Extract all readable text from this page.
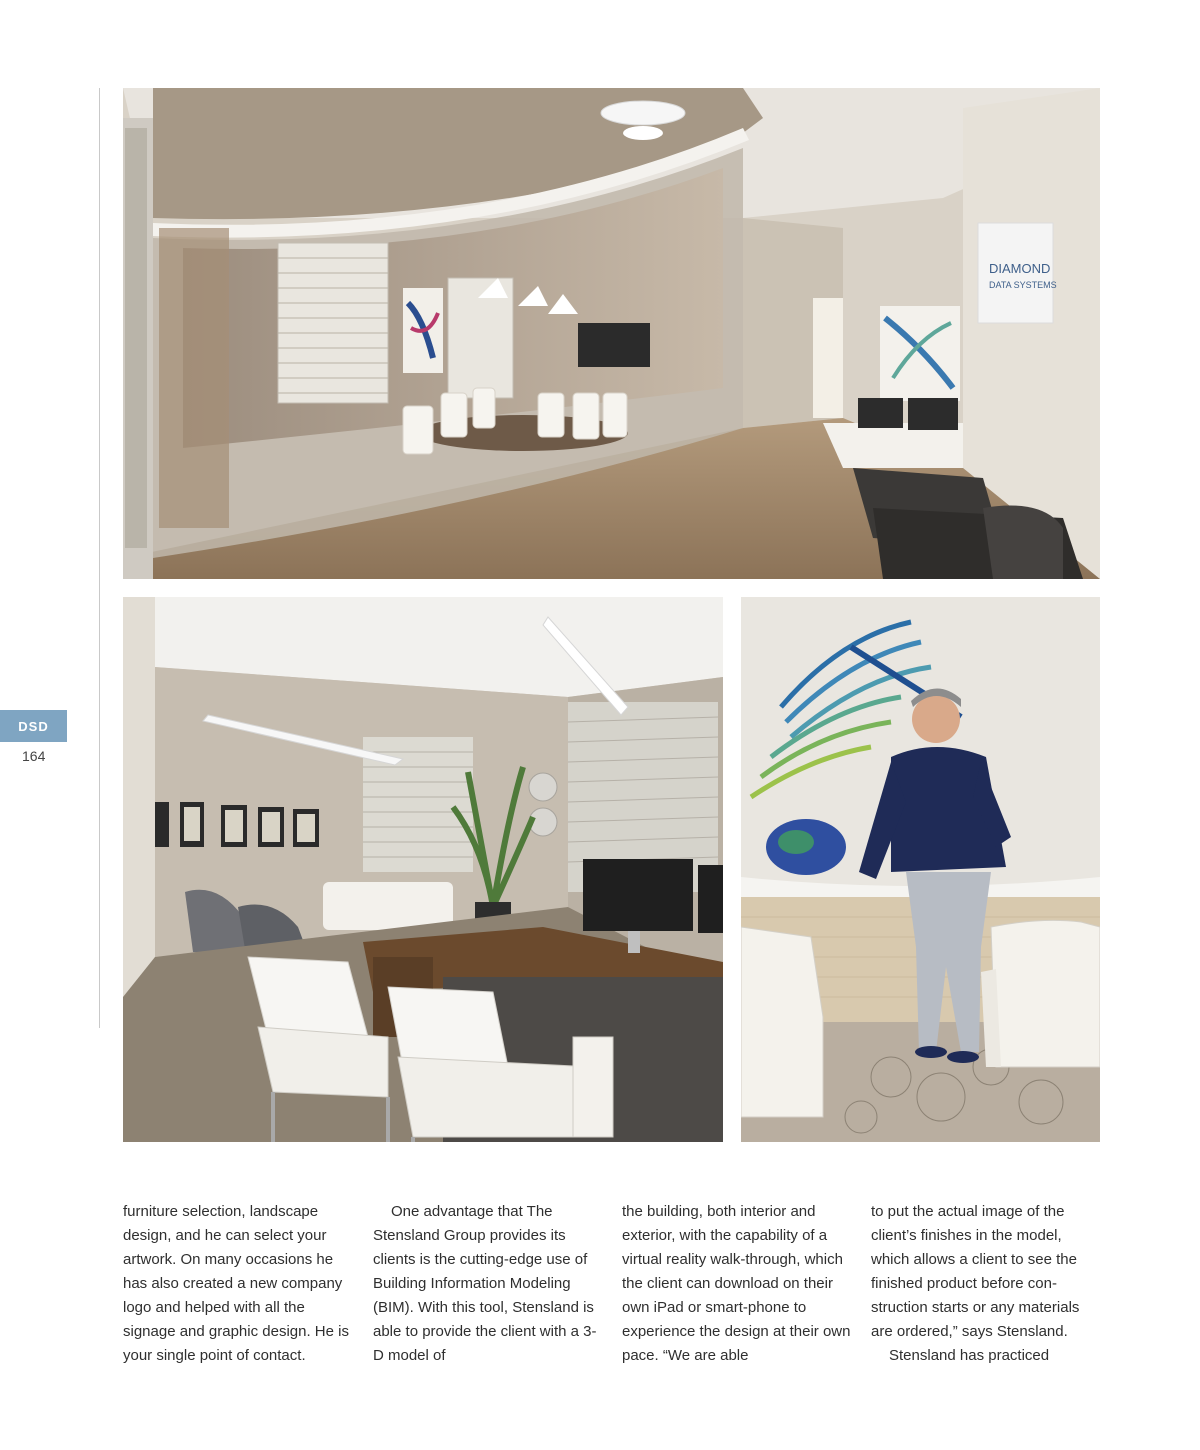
DSD
164
DIAMOND
DATA SYSTEMS

furniture selection, landscape design, and he can select your artwork. On many occasions he has also created a new company logo and helped with all the signage and graphic design. He is your single point of contact.

One advantage that The Stensland Group provides its clients is the cutting-edge use of Building Information Modeling (BIM). With this tool, Stensland is able to provide the client with a 3-D model of

the building, both interior and exterior, with the capability of a virtual reality walk-through, which the client can download on their own iPad or smart-phone to experience the design at their own pace. “We are able

to put the actual image of the client’s finishes in the model, which allows a client to see the finished product before con-struction starts or any materials are ordered,” says Stensland.

Stensland has practiced
